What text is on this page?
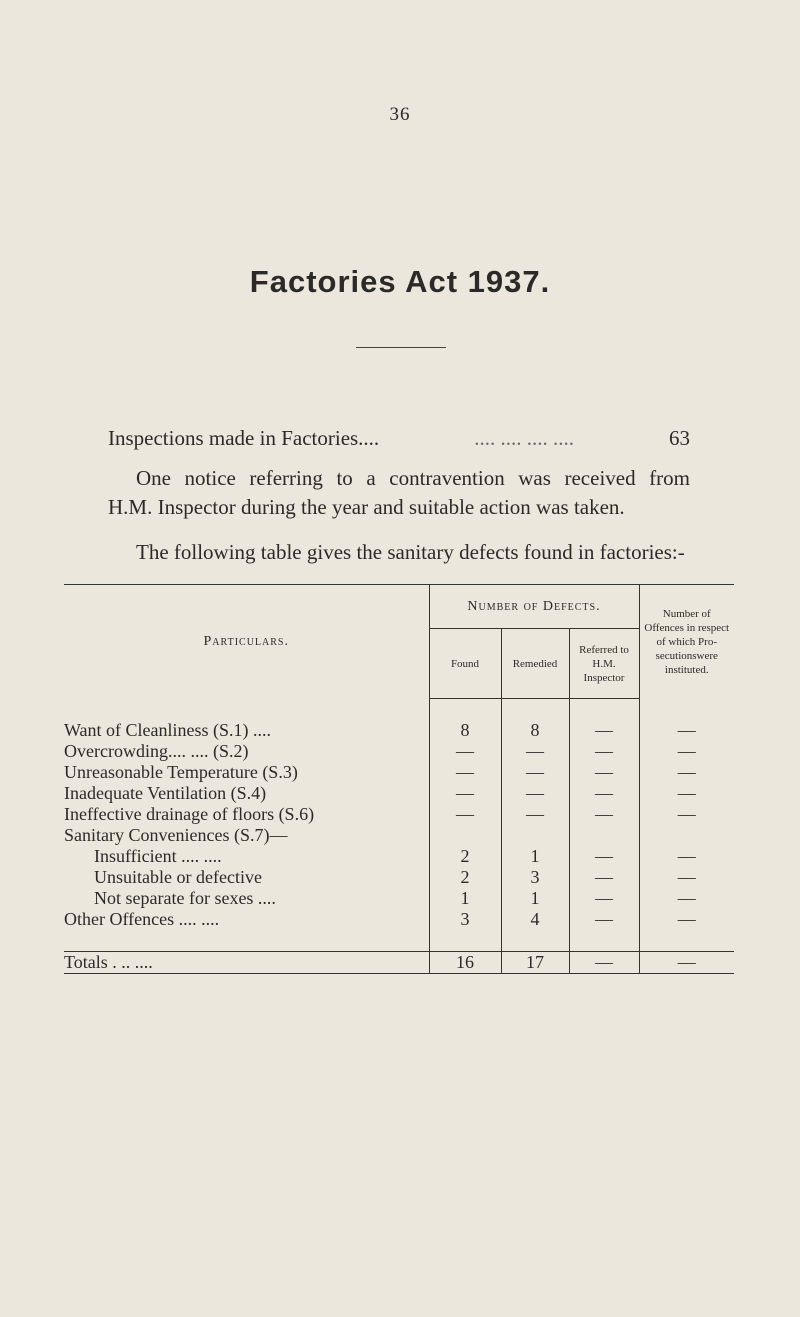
36
Factories Act 1937.
Inspections made in Factories....	.... .... .... ....	63
One notice referring to a contravention was received from
H.M. Inspector during the year and suitable action was taken.
The following table gives the sanitary defects found in factories:-
Particulars.	Number of Defects.			Number of Offences in respect of which Pro-secutionswere instituted.
	Found	Remedied	Referred to H.M. Inspector	

Want of Cleanliness (S.1) ....	8	8	—	—
Overcrowding.... .... (S.2)	—	—	—	—
Unreasonable Temperature (S.3)	—	—	—	—
Inadequate Ventilation (S.4)	—	—	—	—
Ineffective drainage of floors (S.6)	—	—	—	—
Sanitary Conveniences (S.7)—				
Insufficient .... ....	2	1	—	—
Unsuitable or defective	2	3	—	—
Not separate for sexes ....	1	1	—	—
Other Offences .... ....	3	4	—	—

Totals . .. ....	16	17	—	—
